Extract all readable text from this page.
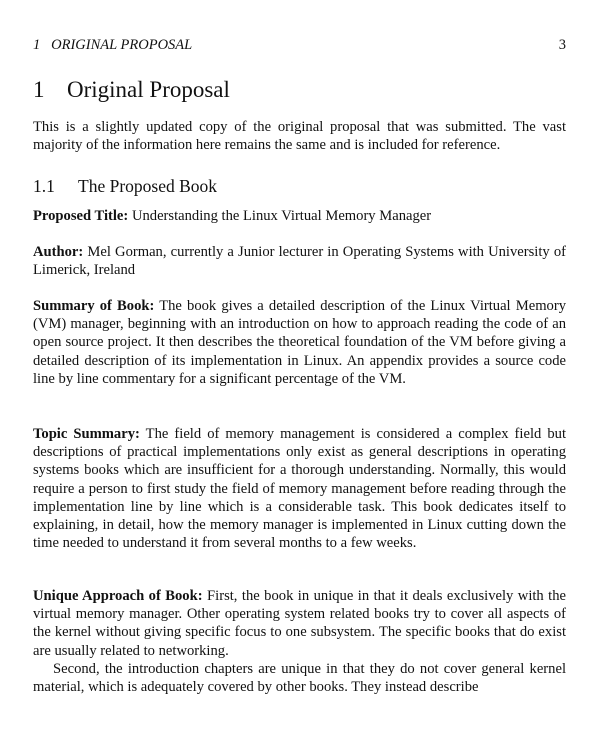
1   ORIGINAL PROPOSAL	3
1 Original Proposal

This is a slightly updated copy of the original proposal that was submitted. The vast majority of the information here remains the same and is included for reference.

1.1 The Proposed Book

Proposed Title: Understanding the Linux Virtual Memory Manager

Author: Mel Gorman, currently a Junior lecturer in Operating Systems with University of Limerick, Ireland

Summary of Book: The book gives a detailed description of the Linux Virtual Memory (VM) manager, beginning with an introduction on how to approach reading the code of an open source project. It then describes the theoretical foundation of the VM before giving a detailed description of its implementation in Linux. An appendix provides a source code line by line commentary for a significant percentage of the VM.

Topic Summary: The field of memory management is considered a complex field but descriptions of practical implementations only exist as general descriptions in operating systems books which are insufficient for a thorough understanding. Normally, this would require a person to first study the field of memory management before reading through the implementation line by line which is a considerable task. This book dedicates itself to explaining, in detail, how the memory manager is implemented in Linux cutting down the time needed to understand it from several months to a few weeks.

Unique Approach of Book: First, the book in unique in that it deals exclusively with the virtual memory manager. Other operating system related books try to cover all aspects of the kernel without giving specific focus to one subsystem. The specific books that do exist are usually related to networking.

Second, the introduction chapters are unique in that they do not cover general kernel material, which is adequately covered by other books. They instead describe
